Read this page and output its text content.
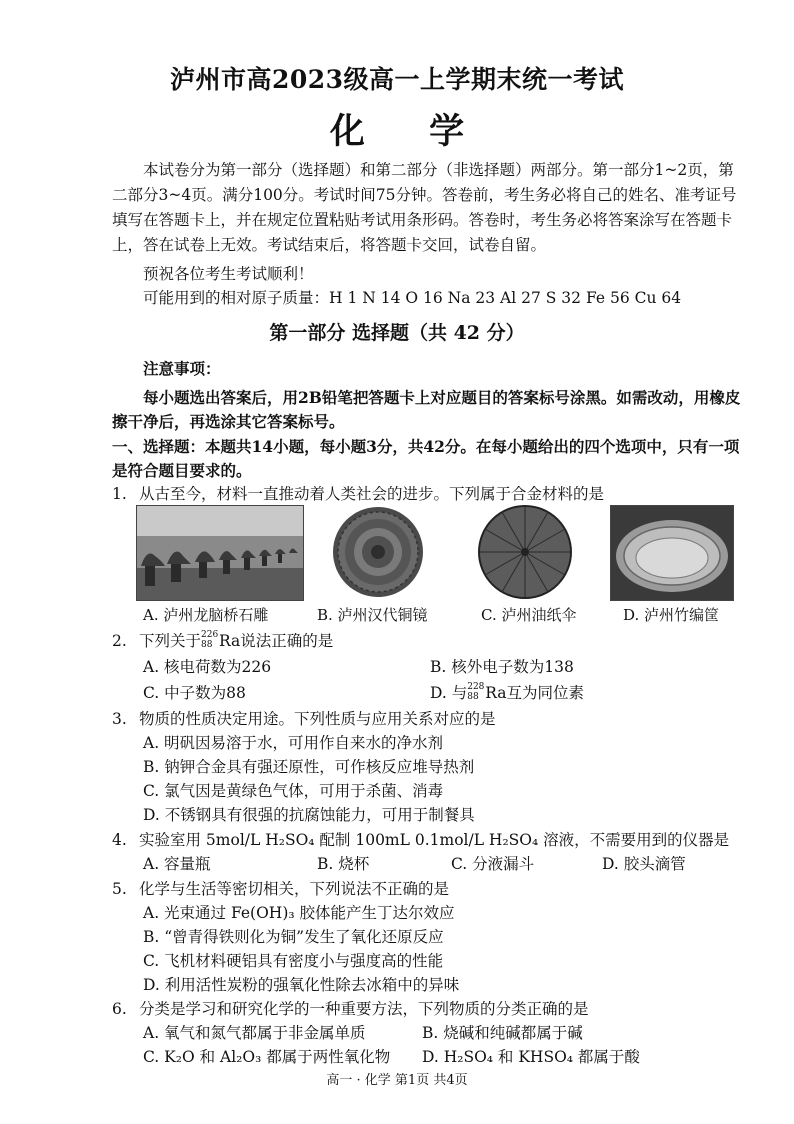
泸州市高2023级高一上学期末统一考试
化 学

本试卷分为第一部分（选择题）和第二部分（非选择题）两部分。第一部分1~2页，第二部分3~4页。满分100分。考试时间75分钟。答卷前，考生务必将自己的姓名、准考证号填写在答题卡上，并在规定位置粘贴考试用条形码。答卷时，考生务必将答案涂写在答题卡上，答在试卷上无效。考试结束后，将答题卡交回，试卷自留。

预祝各位考生考试顺利！
可能用到的相对原子质量：H 1 N 14 O 16 Na 23 Al 27 S 32 Fe 56 Cu 64
第一部分 选择题（共 42 分）
注意事项：
每小题选出答案后，用2B铅笔把答题卡上对应题目的答案标号涂黑。如需改动，用橡皮
擦干净后，再选涂其它答案标号。
一、选择题：本题共14小题，每小题3分，共42分。在每小题给出的四个选项中，只有一项
是符合题目要求的。
1. 从古至今，材料一直推动着人类社会的进步。下列属于合金材料的是
A. 泸州龙脑桥石雕	B. 泸州汉代铜镜	C. 泸州油纸伞	D. 泸州竹编筐
2. 下列关于 226
88 Ra说法正确的是
A. 核电荷数为226	B. 核外电子数为138
C. 中子数为88	D. 与 228
88 Ra互为同位素
3. 物质的性质决定用途。下列性质与应用关系对应的是
A. 明矾因易溶于水，可用作自来水的净水剂
B. 钠钾合金具有强还原性，可作核反应堆导热剂
C. 氯气因是黄绿色气体，可用于杀菌、消毒
D. 不锈钢具有很强的抗腐蚀能力，可用于制餐具
4. 实验室用 5mol/L H₂SO₄ 配制 100mL 0.1mol/L H₂SO₄ 溶液，不需要用到的仪器是
A. 容量瓶	B. 烧杯	C. 分液漏斗	D. 胶头滴管
5. 化学与生活等密切相关，下列说法不正确的是
A. 光束通过 Fe(OH)₃ 胶体能产生丁达尔效应
B. “曾青得铁则化为铜”发生了氧化还原反应
C. 飞机材料硬铝具有密度小与强度高的性能
D. 利用活性炭粉的强氧化性除去冰箱中的异味
6. 分类是学习和研究化学的一种重要方法，下列物质的分类正确的是
A. 氧气和氮气都属于非金属单质	B. 烧碱和纯碱都属于碱
C. K₂O 和 Al₂O₃ 都属于两性氧化物 D. H₂SO₄ 和 KHSO₄ 都属于酸
高一 · 化学 第1页 共4页
